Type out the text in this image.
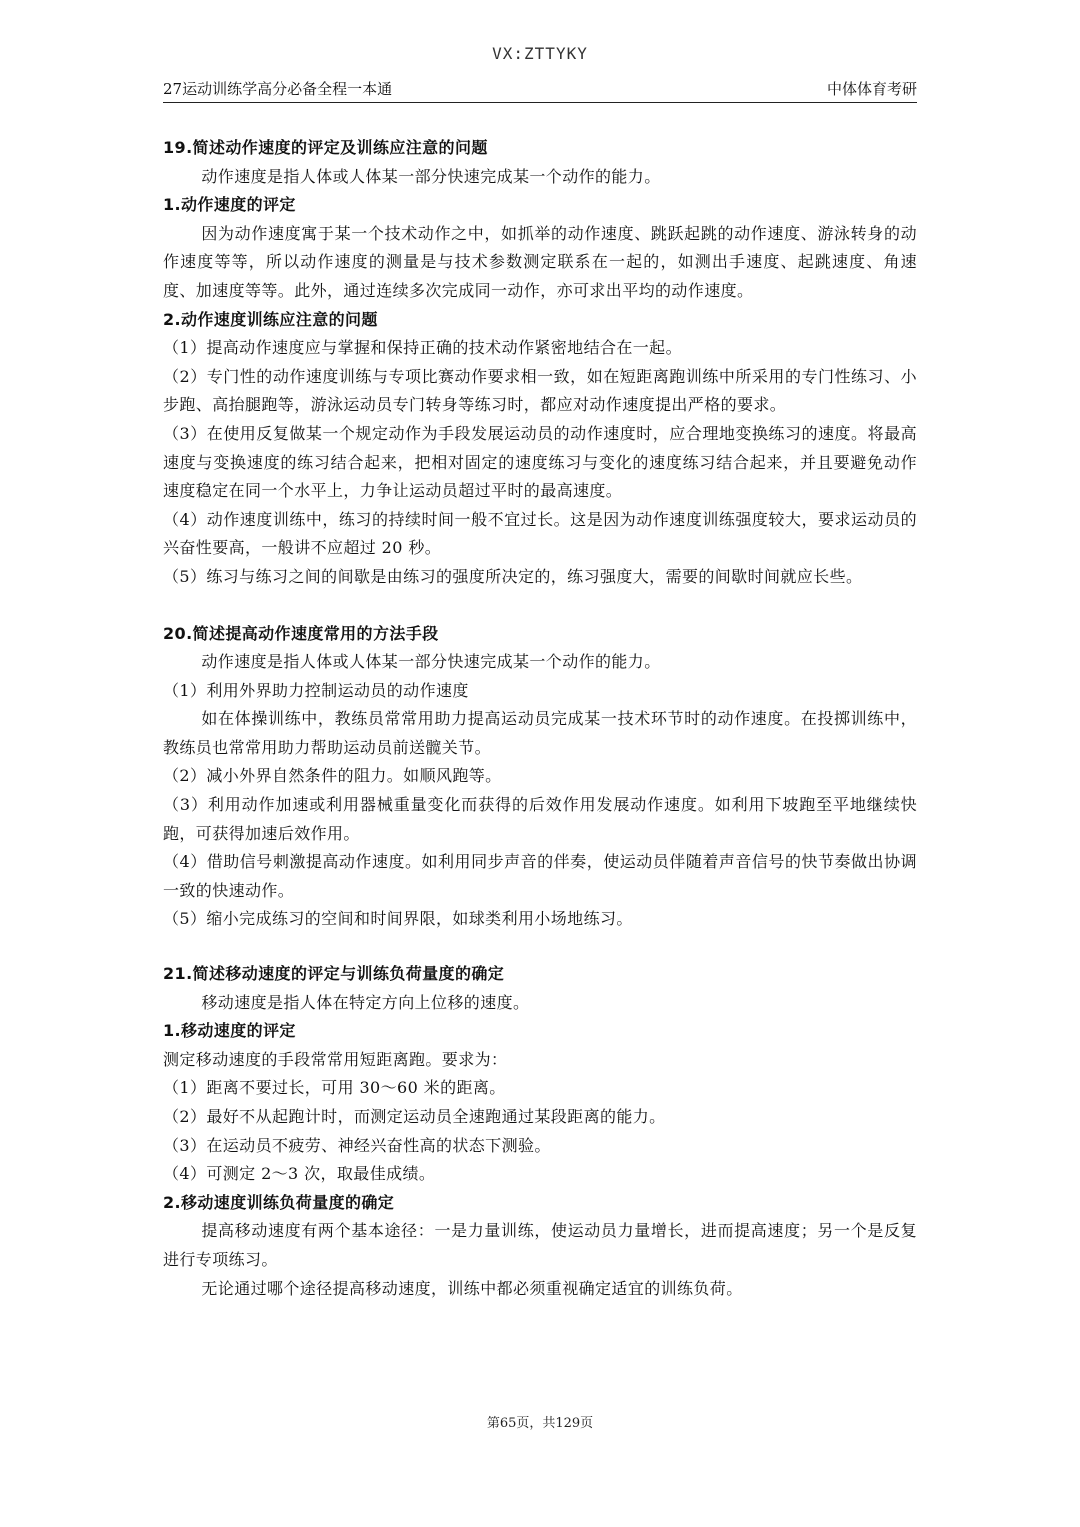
VX:ZTTYKY
27运动训练学高分必备全程一本通	中体体育考研

19.简述动作速度的评定及训练应注意的问题

动作速度是指人体或人体某一部分快速完成某一个动作的能力。

1.动作速度的评定

因为动作速度寓于某一个技术动作之中，如抓举的动作速度、跳跃起跳的动作速度、游泳转身的动作速度等等，所以动作速度的测量是与技术参数测定联系在一起的，如测出手速度、起跳速度、角速度、加速度等等。此外，通过连续多次完成同一动作，亦可求出平均的动作速度。

2.动作速度训练应注意的问题

（1）提高动作速度应与掌握和保持正确的技术动作紧密地结合在一起。

（2）专门性的动作速度训练与专项比赛动作要求相一致，如在短距离跑训练中所采用的专门性练习、小步跑、高抬腿跑等，游泳运动员专门转身等练习时，都应对动作速度提出严格的要求。

（3）在使用反复做某一个规定动作为手段发展运动员的动作速度时，应合理地变换练习的速度。将最高速度与变换速度的练习结合起来，把相对固定的速度练习与变化的速度练习结合起来，并且要避免动作速度稳定在同一个水平上，力争让运动员超过平时的最高速度。

（4）动作速度训练中，练习的持续时间一般不宜过长。这是因为动作速度训练强度较大，要求运动员的兴奋性要高，一般讲不应超过 20 秒。

（5）练习与练习之间的间歇是由练习的强度所决定的，练习强度大，需要的间歇时间就应长些。

20.简述提高动作速度常用的方法手段

动作速度是指人体或人体某一部分快速完成某一个动作的能力。

（1）利用外界助力控制运动员的动作速度

如在体操训练中，教练员常常用助力提高运动员完成某一技术环节时的动作速度。在投掷训练中，教练员也常常用助力帮助运动员前送髋关节。

（2）减小外界自然条件的阻力。如顺风跑等。

（3）利用动作加速或利用器械重量变化而获得的后效作用发展动作速度。如利用下坡跑至平地继续快跑，可获得加速后效作用。

（4）借助信号刺激提高动作速度。如利用同步声音的伴奏，使运动员伴随着声音信号的快节奏做出协调一致的快速动作。

（5）缩小完成练习的空间和时间界限，如球类利用小场地练习。

21.简述移动速度的评定与训练负荷量度的确定

移动速度是指人体在特定方向上位移的速度。

1.移动速度的评定

测定移动速度的手段常常用短距离跑。要求为：

（1）距离不要过长，可用 30～60 米的距离。

（2）最好不从起跑计时，而测定运动员全速跑通过某段距离的能力。

（3）在运动员不疲劳、神经兴奋性高的状态下测验。

（4）可测定 2～3 次，取最佳成绩。

2.移动速度训练负荷量度的确定

提高移动速度有两个基本途径：一是力量训练，使运动员力量增长，进而提高速度；另一个是反复进行专项练习。

无论通过哪个途径提高移动速度，训练中都必须重视确定适宜的训练负荷。

第65页，共129页
